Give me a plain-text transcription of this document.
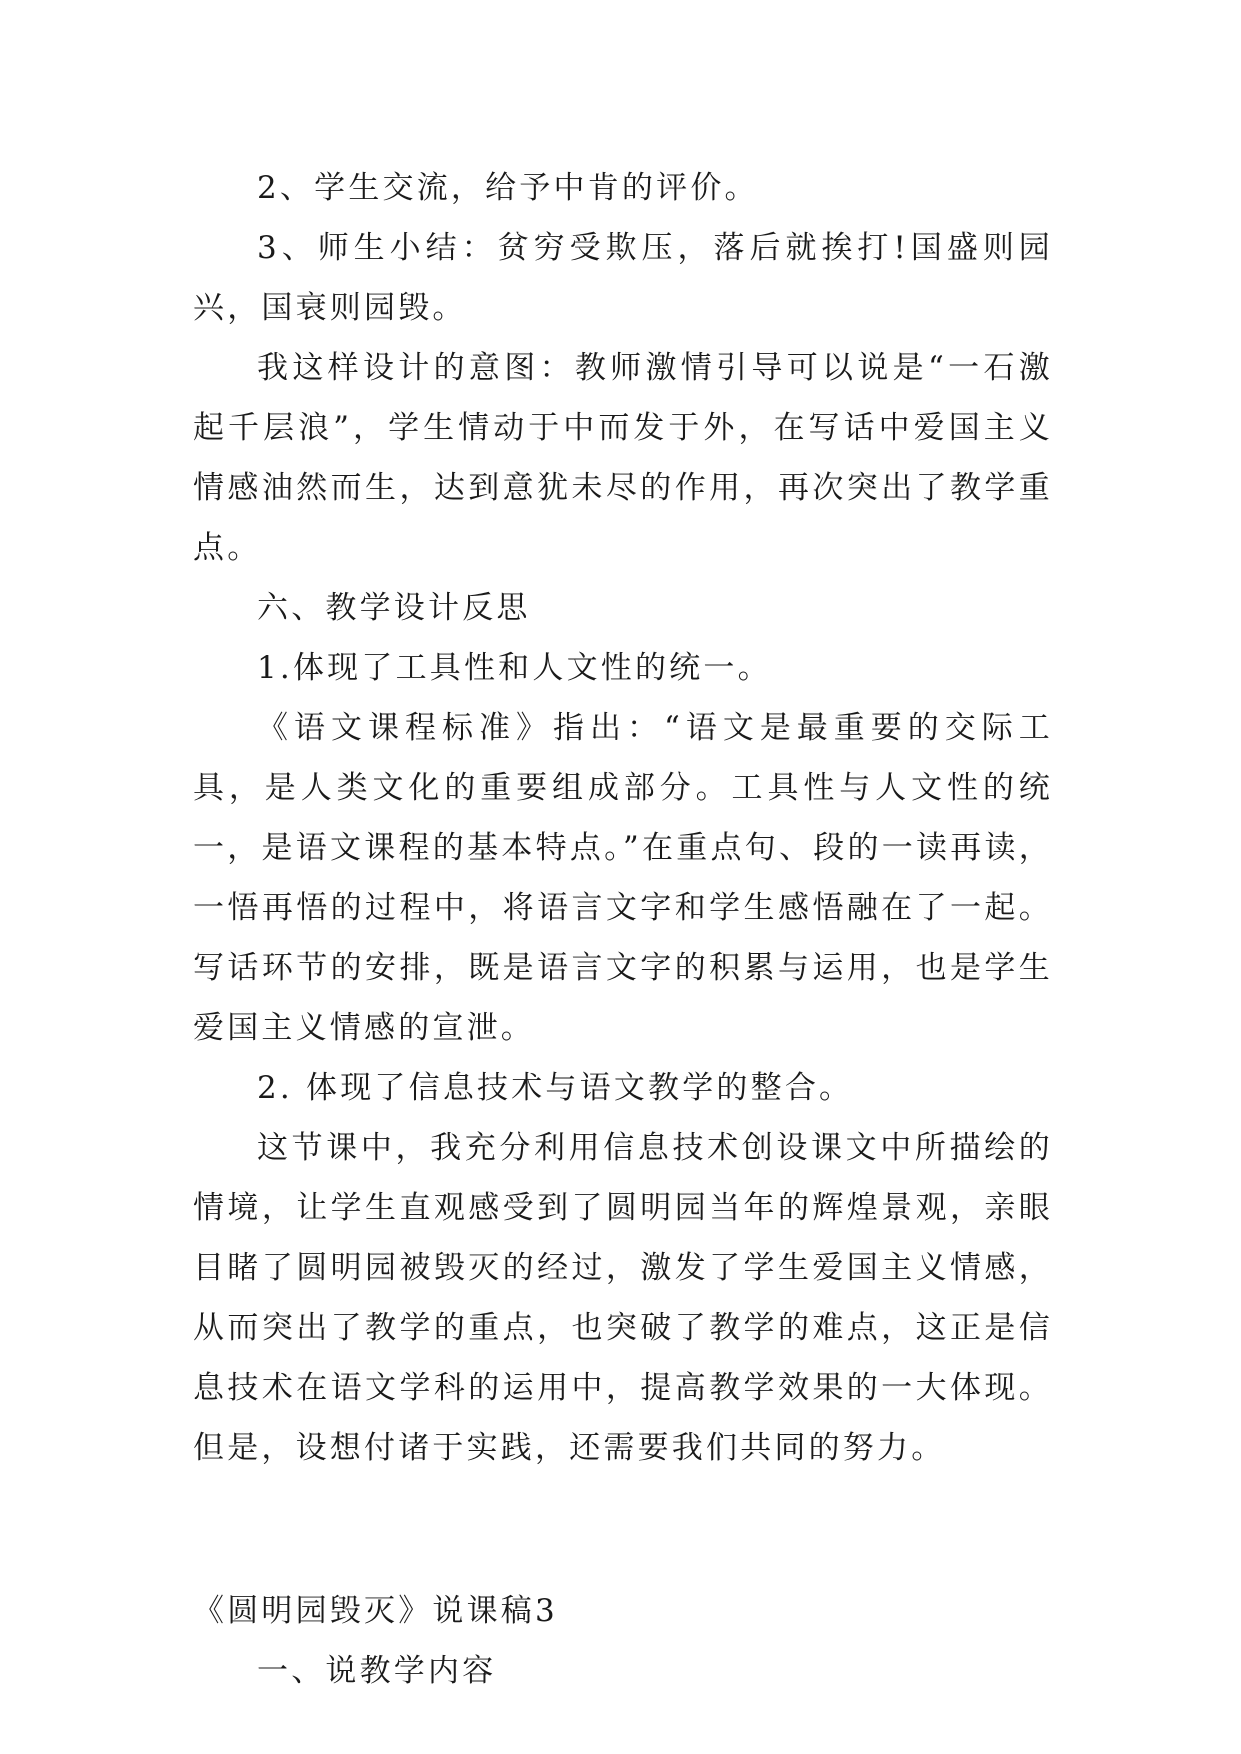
2、学生交流，给予中肯的评价。

3、师生小结：贫穷受欺压，落后就挨打!国盛则园兴，国衰则园毁。

我这样设计的意图：教师激情引导可以说是“一石激起千层浪”，学生情动于中而发于外，在写话中爱国主义情感油然而生，达到意犹未尽的作用，再次突出了教学重点。

六、教学设计反思

1.体现了工具性和人文性的统一。

《语文课程标准》指出：“语文是最重要的交际工具，是人类文化的重要组成部分。工具性与人文性的统一，是语文课程的基本特点。”在重点句、段的一读再读，一悟再悟的过程中，将语言文字和学生感悟融在了一起。写话环节的安排，既是语言文字的积累与运用，也是学生爱国主义情感的宣泄。

2. 体现了信息技术与语文教学的整合。

这节课中，我充分利用信息技术创设课文中所描绘的情境，让学生直观感受到了圆明园当年的辉煌景观，亲眼目睹了圆明园被毁灭的经过，激发了学生爱国主义情感，从而突出了教学的重点，也突破了教学的难点，这正是信息技术在语文学科的运用中，提高教学效果的一大体现。但是，设想付诸于实践，还需要我们共同的努力。

《圆明园毁灭》说课稿3

一、说教学内容
